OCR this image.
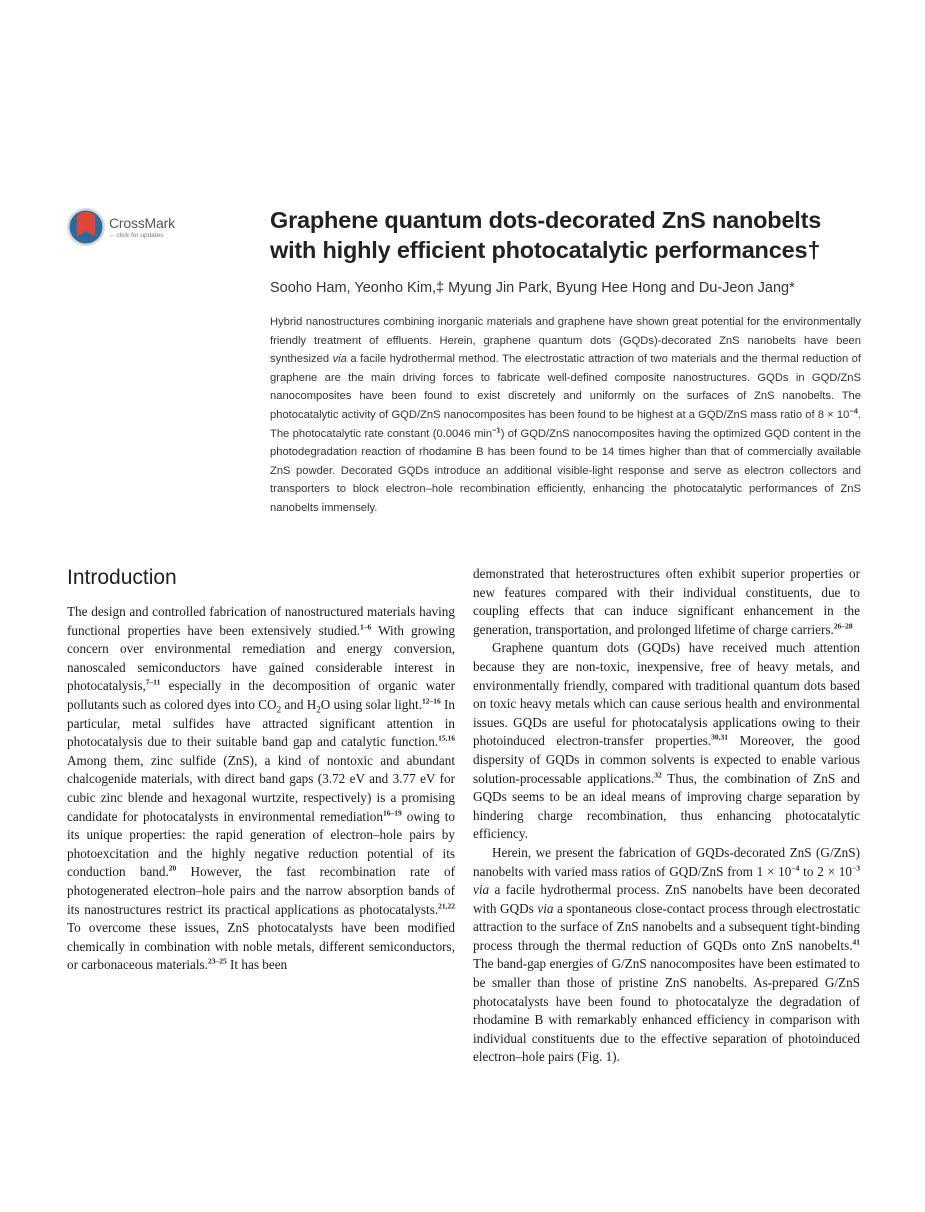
CrossMark
←click for updates
Graphene quantum dots-decorated ZnS nanobelts
with highly efficient photocatalytic performances†
Sooho Ham, Yeonho Kim,‡ Myung Jin Park, Byung Hee Hong and Du-Jeon Jang*

Hybrid nanostructures combining inorganic materials and graphene have shown great potential for the environmentally friendly treatment of effluents. Herein, graphene quantum dots (GQDs)-decorated ZnS nanobelts have been synthesized via a facile hydrothermal method. The electrostatic attraction of two materials and the thermal reduction of graphene are the main driving forces to fabricate well-defined composite nanostructures. GQDs in GQD/ZnS nanocomposites have been found to exist discretely and uniformly on the surfaces of ZnS nanobelts. The photocatalytic activity of GQD/ZnS nanocomposites has been found to be highest at a GQD/ZnS mass ratio of $8 \times 10^{-4}$. The photocatalytic rate constant (0.0046 $\min^{-1}$) of GQD/ZnS nanocomposites having the optimized GQD content in the photodegradation reaction of rhodamine B has been found to be 14 times higher than that of commercially available ZnS powder. Decorated GQDs introduce an additional visible-light response and serve as electron collectors and transporters to block electron–hole recombination efficiently, enhancing the photocatalytic performances of ZnS nanobelts immensely.

Introduction

The design and controlled fabrication of nanostructured materials having functional properties have been extensively studied.$^{1-6}$ With growing concern over environmental remediation and energy conversion, nanoscaled semiconductors have gained considerable interest in photocatalysis,$^{7-11}$ especially in the decomposition of organic water pollutants such as colored dyes into $CO_2$ and $H_2O$ using solar light.$^{12-16}$ In particular, metal sulfides have attracted significant attention in photocatalysis due to their suitable band gap and catalytic function.$^{15,16}$ Among them, zinc sulfide (ZnS), a kind of nontoxic and abundant chalcogenide materials, with direct band gaps (3.72 eV and 3.77 eV for cubic zinc blende and hexagonal wurtzite, respectively) is a promising candidate for photocatalysts in environmental remediation$^{16-19}$ owing to its unique properties: the rapid generation of electron–hole pairs by photoexcitation and the highly negative reduction potential of its conduction band.$^{20}$ However, the fast recombination rate of photogenerated electron–hole pairs and the narrow absorption bands of its nanostructures restrict its practical applications as photocatalysts.$^{21,22}$ To overcome these issues, ZnS photocatalysts have been modified chemically in combination with noble metals, different semiconductors, or carbonaceous materials.$^{23-25}$ It has been

demonstrated that heterostructures often exhibit superior properties or new features compared with their individual constituents, due to coupling effects that can induce significant enhancement in the generation, transportation, and prolonged lifetime of charge carriers.$^{26-28}$

Graphene quantum dots (GQDs) have received much attention because they are non-toxic, inexpensive, free of heavy metals, and environmentally friendly, compared with traditional quantum dots based on toxic heavy metals which can cause serious health and environmental issues. GQDs are useful for photocatalysis applications owing to their photoinduced electron-transfer properties.$^{30,31}$ Moreover, the good dispersity of GQDs in common solvents is expected to enable various solution-processable applications.$^{32}$ Thus, the combination of ZnS and GQDs seems to be an ideal means of improving charge separation by hindering charge recombination, thus enhancing photocatalytic efficiency.

Herein, we present the fabrication of GQDs-decorated ZnS (G/ZnS) nanobelts with varied mass ratios of GQD/ZnS from $1 \times 10^{-4}$ to $2 \times 10^{-3}$ via a facile hydrothermal process. ZnS nanobelts have been decorated with GQDs via a spontaneous close-contact process through electrostatic attraction to the surface of ZnS nanobelts and a subsequent tight-binding process through the thermal reduction of GQDs onto ZnS nanobelts.$^{41}$ The band-gap energies of G/ZnS nanocomposites have been estimated to be smaller than those of pristine ZnS nanobelts. As-prepared G/ZnS photocatalysts have been found to photocatalyze the degradation of rhodamine B with remarkably enhanced efficiency in comparison with individual constituents due to the effective separation of photoinduced electron–hole pairs (Fig. 1).
